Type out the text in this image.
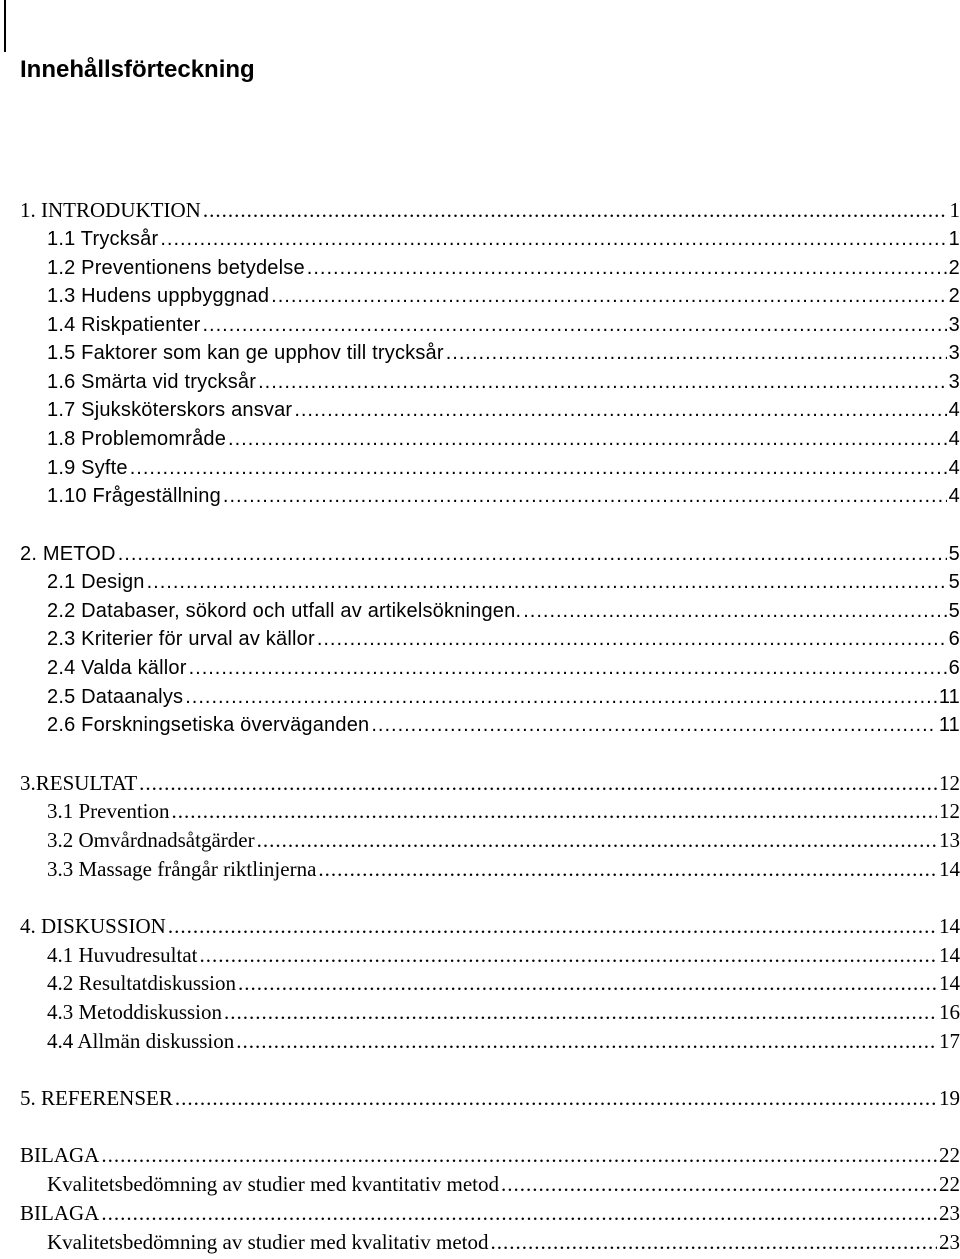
Innehållsförteckning
1. INTRODUKTION .....	1
1.1 Trycksår .....	1
1.2 Preventionens betydelse .....	2
1.3 Hudens uppbyggnad .....	2
1.4 Riskpatienter .....	3
1.5 Faktorer som kan ge upphov till trycksår .....	3
1.6 Smärta vid trycksår .....	3
1.7 Sjuksköterskors ansvar .....	4
1.8 Problemområde .....	4
1.9 Syfte .....	4
1.10 Frågeställning .....	4
2. METOD .....	5
2.1 Design .....	5
2.2 Databaser, sökord och utfall av artikelsökningen. .....	5
2.3 Kriterier för urval av källor .....	6
2.4 Valda källor .....	6
2.5 Dataanalys .....	11
2.6 Forskningsetiska överväganden .....	11
3.RESULTAT .....	12
3.1 Prevention .....	12
3.2 Omvårdnadsåtgärder .....	13
3.3 Massage frångår riktlinjerna .....	14
4. DISKUSSION .....	14
4.1 Huvudresultat .....	14
4.2 Resultatdiskussion .....	14
4.3 Metoddiskussion .....	16
4.4 Allmän diskussion .....	17
5. REFERENSER .....	19
BILAGA .....	22
Kvalitetsbedömning av studier med kvantitativ metod .....	22
BILAGA .....	23
Kvalitetsbedömning av studier med kvalitativ metod .....	23
